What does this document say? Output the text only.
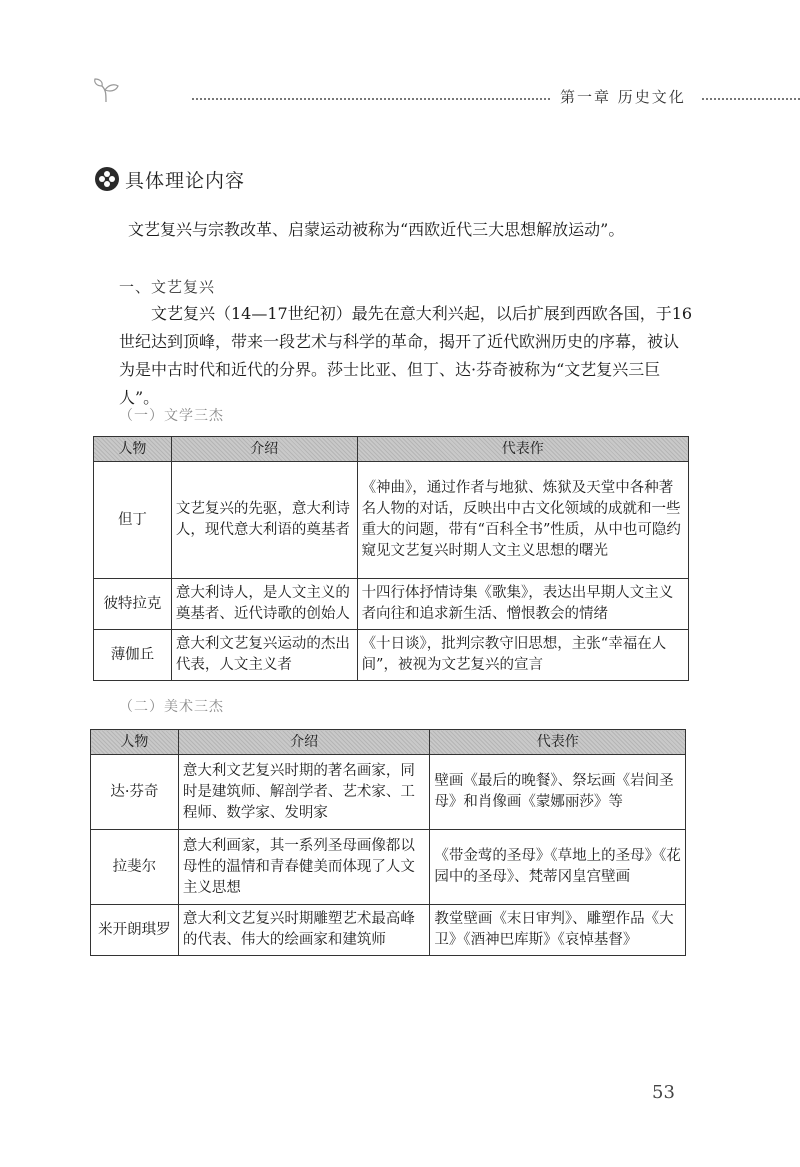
第一章 历史文化
具体理论内容

文艺复兴与宗教改革、启蒙运动被称为“西欧近代三大思想解放运动”。

一、文艺复兴

文艺复兴（14—17世纪初）最先在意大利兴起，以后扩展到西欧各国，于16世纪达到顶峰，带来一段艺术与科学的革命，揭开了近代欧洲历史的序幕，被认为是中古时代和近代的分界。莎士比亚、但丁、达·芬奇被称为“文艺复兴三巨人”。

（一）文学三杰
人物	介绍	代表作
但丁	文艺复兴的先驱，意大利诗人，现代意大利语的奠基者	《神曲》，通过作者与地狱、炼狱及天堂中各种著名人物的对话，反映出中古文化领域的成就和一些重大的问题，带有“百科全书”性质，从中也可隐约窥见文艺复兴时期人文主义思想的曙光
彼特拉克	意大利诗人，是人文主义的奠基者、近代诗歌的创始人	十四行体抒情诗集《歌集》，表达出早期人文主义者向往和追求新生活、憎恨教会的情绪
薄伽丘	意大利文艺复兴运动的杰出代表，人文主义者	《十日谈》，批判宗教守旧思想，主张“幸福在人间”，被视为文艺复兴的宣言
（二）美术三杰
人物	介绍	代表作
达·芬奇	意大利文艺复兴时期的著名画家，同时是建筑师、解剖学者、艺术家、工程师、数学家、发明家	壁画《最后的晚餐》、祭坛画《岩间圣母》和肖像画《蒙娜丽莎》等
拉斐尔	意大利画家，其一系列圣母画像都以母性的温情和青春健美而体现了人文主义思想	《带金莺的圣母》《草地上的圣母》《花园中的圣母》、梵蒂冈皇宫壁画
米开朗琪罗	意大利文艺复兴时期雕塑艺术最高峰的代表、伟大的绘画家和建筑师	教堂壁画《末日审判》、雕塑作品《大卫》《酒神巴库斯》《哀悼基督》
53
